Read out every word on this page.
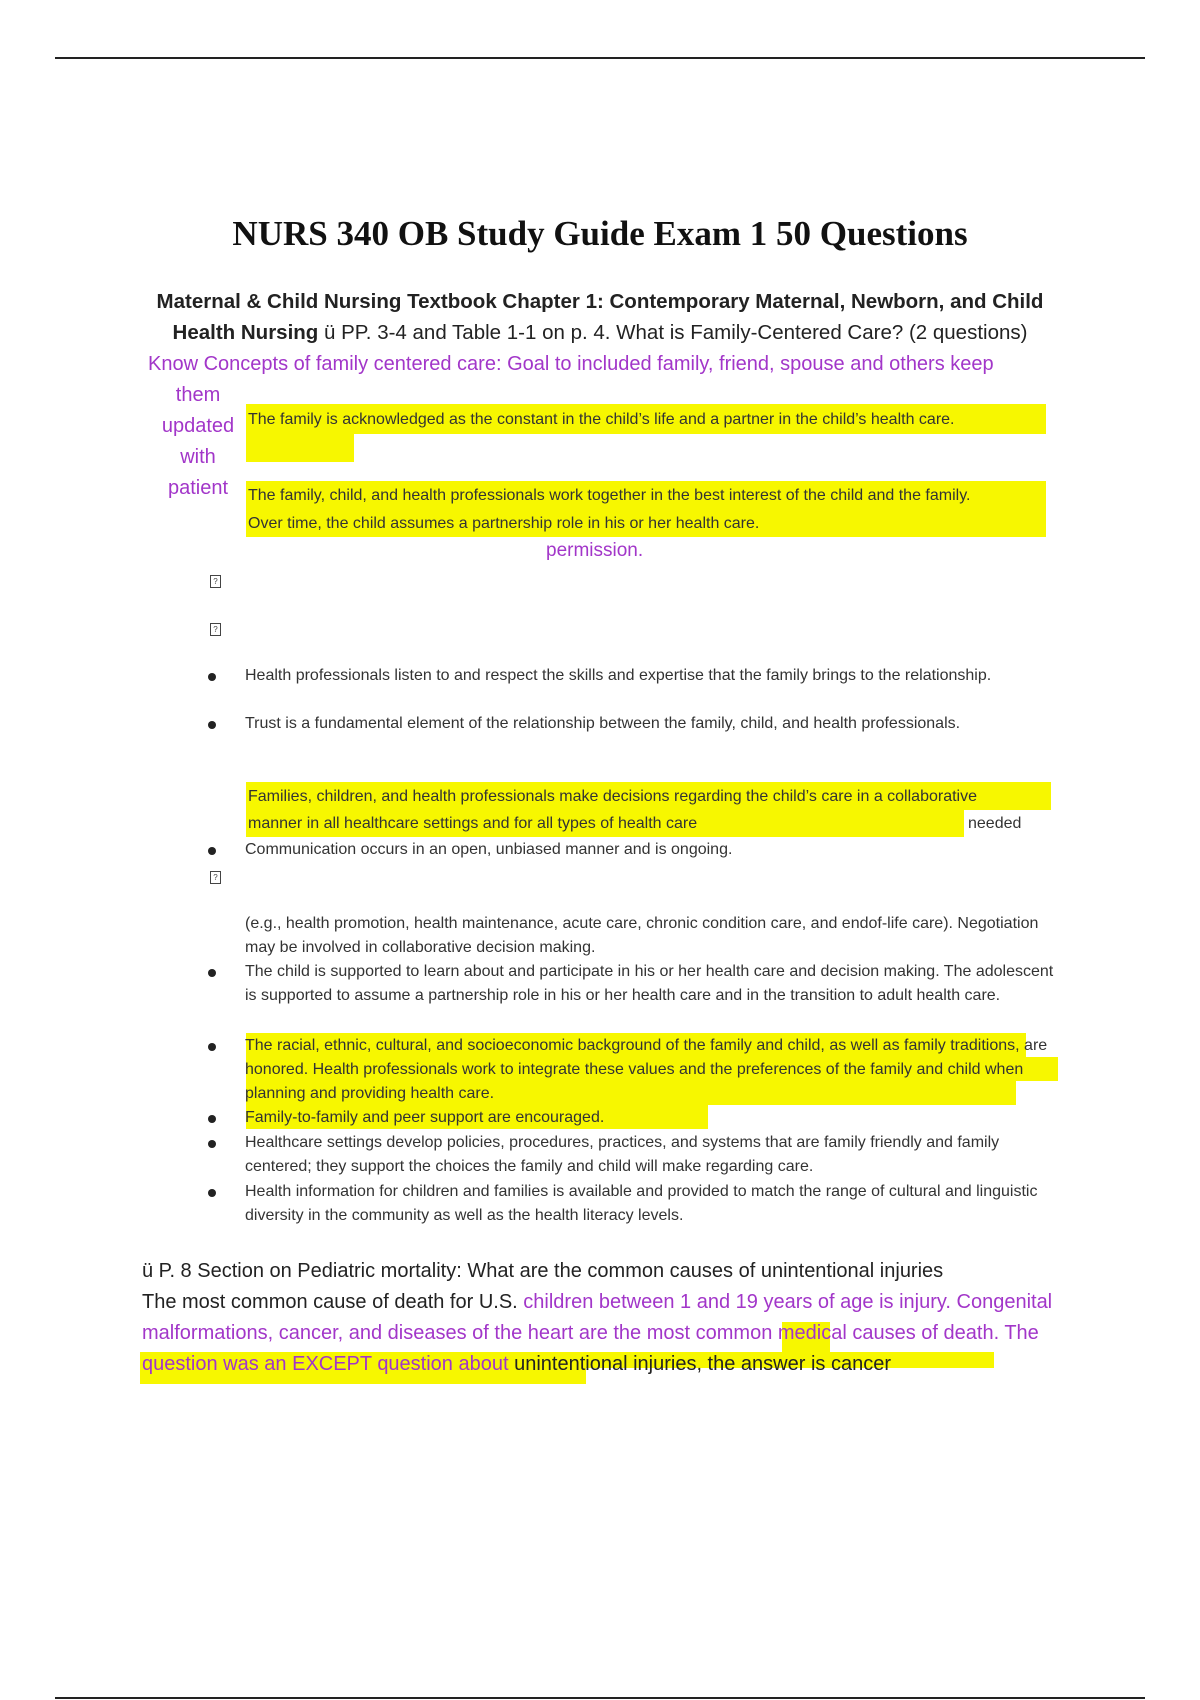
NURS 340 OB Study Guide Exam 1 50 Questions
Maternal & Child Nursing Textbook Chapter 1: Contemporary Maternal, Newborn, and Child Health Nursing ü PP. 3-4 and Table 1-1 on p. 4. What is Family-Centered Care? (2 questions)
Know Concepts of family centered care: Goal to included family, friend, spouse and others keep
them
updated
with
patient
The family is acknowledged as the constant in the child’s life and a partner in the child’s health care.
The family, child, and health professionals work together in the best interest of the child and the family. Over time, the child assumes a partnership role in his or her health care.
permission.
?
?
Health professionals listen to and respect the skills and expertise that the family brings to the relationship.
Trust is a fundamental element of the relationship between the family, child, and health professionals.
Families, children, and health professionals make decisions regarding the child’s care in a collaborative manner in all healthcare settings and for all types of health care	needed
Communication occurs in an open, unbiased manner and is ongoing.
?
(e.g., health promotion, health maintenance, acute care, chronic condition care, and endof-life care). Negotiation may be involved in collaborative decision making.
The child is supported to learn about and participate in his or her health care and decision making. The adolescent is supported to assume a partnership role in his or her health care and in the transition to adult health care.
The racial, ethnic, cultural, and socioeconomic background of the family and child, as well as family traditions, are honored. Health professionals work to integrate these values and the preferences of the family and child when planning and providing health care.
Family-to-family and peer support are encouraged.
Healthcare settings develop policies, procedures, practices, and systems that are family friendly and family centered; they support the choices the family and child will make regarding care.
Health information for children and families is available and provided to match the range of cultural and linguistic diversity in the community as well as the health literacy levels.
ü P. 8 Section on Pediatric mortality: What are the common causes of unintentional injuries
The most common cause of death for U.S. children between 1 and 19 years of age is injury. Congenital malformations, cancer, and diseases of the heart are the most common medical causes of death. The question was an EXCEPT question about unintentional injuries, the answer is cancer
